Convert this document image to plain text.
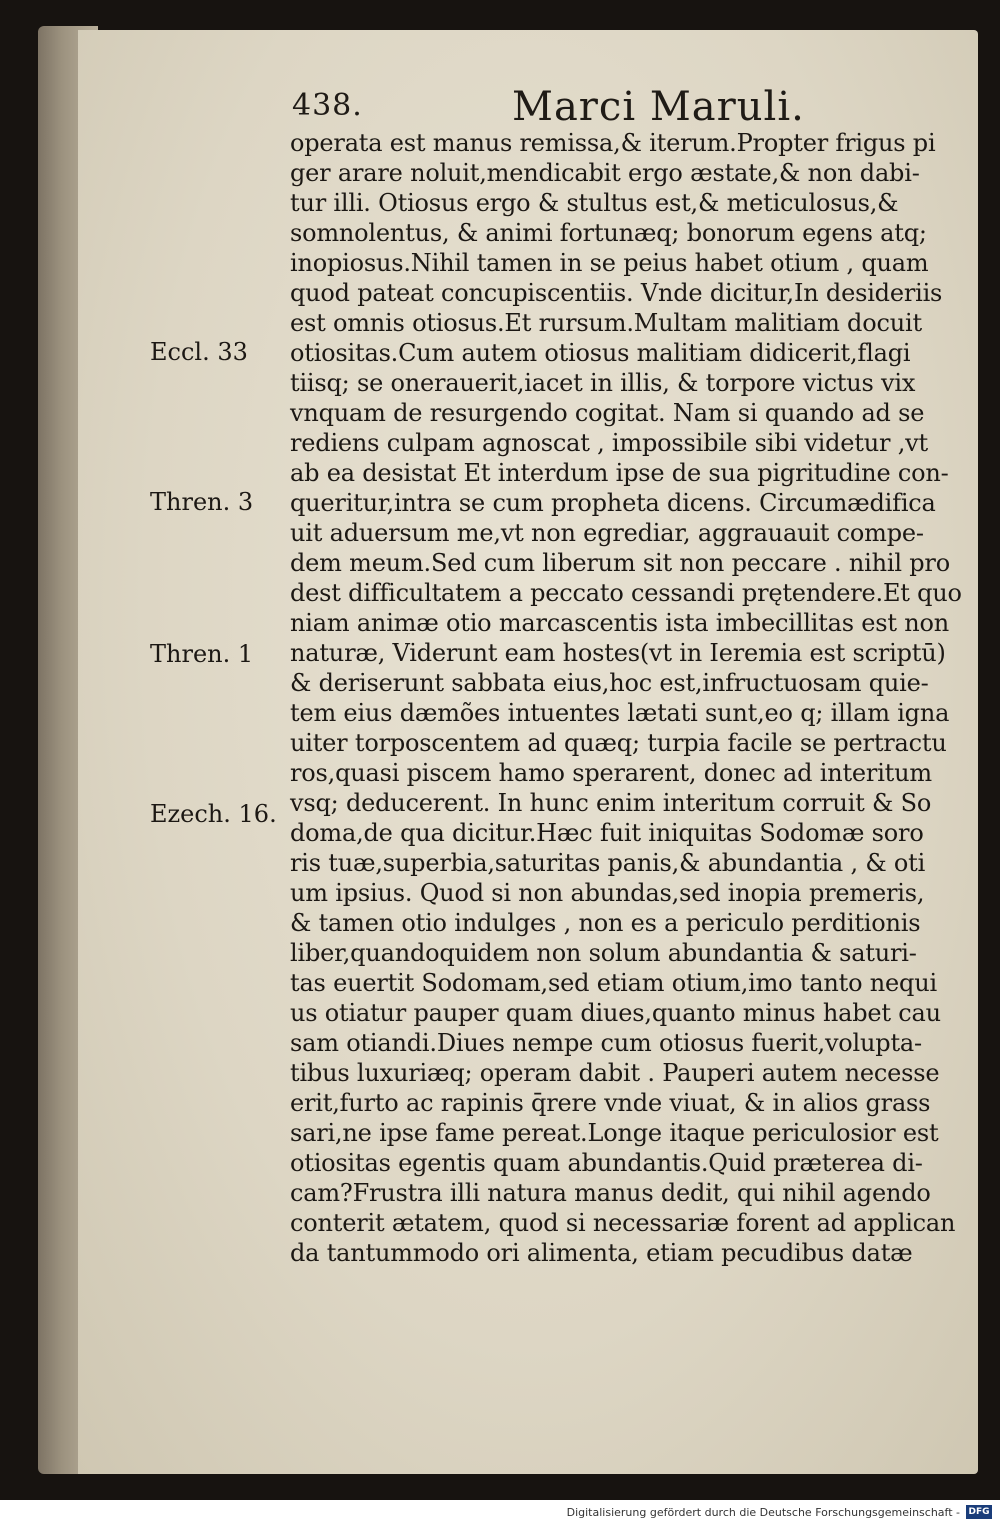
438.	Marci Maruli.
operata est manus remissa,& iterum.Propter frigus pi
ger arare noluit,mendicabit ergo æstate,& non dabi-
tur illi. Otiosus ergo & stultus est,& meticulosus,&
somnolentus, & animi fortunæq; bonorum egens atq;
inopiosus.Nihil tamen in se peius habet otium , quam
quod pateat concupiscentiis. Vnde dicitur,In desideriis
est omnis otiosus.Et rursum.Multam malitiam docuit
otiositas.Cum autem otiosus malitiam didicerit,flagi
tiisq; se onerauerit,iacet in illis, & torpore victus vix
vnquam de resurgendo cogitat. Nam si quando ad se
rediens culpam agnoscat , impossibile sibi videtur ,vt
ab ea desistat Et interdum ipse de sua pigritudine con-
queritur,intra se cum propheta dicens. Circumædifica
uit aduersum me,vt non egrediar, aggrauauit compe-
dem meum.Sed cum liberum sit non peccare . nihil pro
dest difficultatem a peccato cessandi prętendere.Et quo
niam animæ otio marcascentis ista imbecillitas est non
naturæ, Viderunt eam hostes(vt in Ieremia est scriptū)
& deriserunt sabbata eius,hoc est,infructuosam quie-
tem eius dæmões intuentes lætati sunt,eo q; illam igna
uiter torposcentem ad quæq; turpia facile se pertractu
ros,quasi piscem hamo sperarent, donec ad interitum
vsq; deducerent. In hunc enim interitum corruit & So
doma,de qua dicitur.Hæc fuit iniquitas Sodomæ soro
ris tuæ,superbia,saturitas panis,& abundantia , & oti
um ipsius. Quod si non abundas,sed inopia premeris,
& tamen otio indulges , non es a periculo perditionis
liber,quandoquidem non solum abundantia & saturi-
tas euertit Sodomam,sed etiam otium,imo tanto nequi
us otiatur pauper quam diues,quanto minus habet cau
sam otiandi.Diues nempe cum otiosus fuerit,volupta-
tibus luxuriæq; operam dabit . Pauperi autem necesse
erit,furto ac rapinis q̄rere vnde viuat, & in alios grass
sari,ne ipse fame pereat.Longe itaque periculosior est
otiositas egentis quam abundantis.Quid præterea di-
cam?Frustra illi natura manus dedit, qui nihil agendo
conterit ætatem, quod si necessariæ forent ad applican
da tantummodo ori alimenta, etiam pecudibus datæ
Eccl. 33
Thren. 3
Thren. 1
Ezech. 16.
Digitalisierung gefördert durch die Deutsche Forschungsgemeinschaft - DFG
